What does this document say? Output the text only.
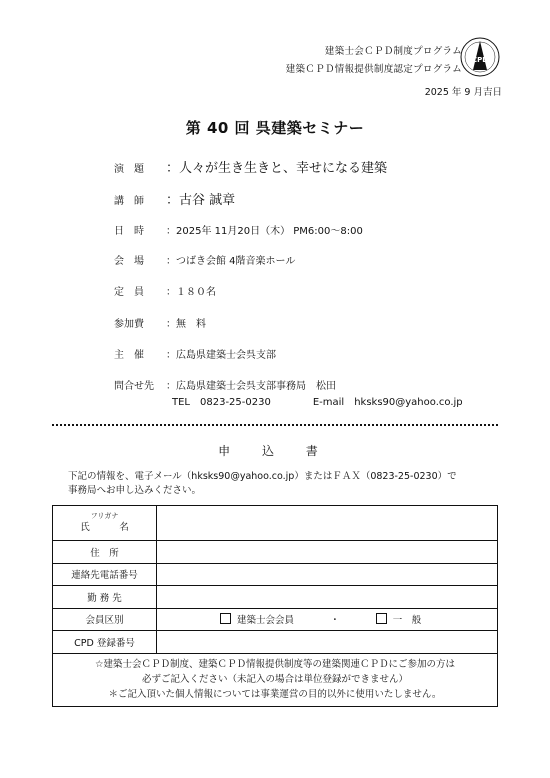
建築士会ＣＰＤ制度プログラム
建築ＣＰＤ情報提供制度認定プログラム
CPD
2025 年 9 月吉日
第 40 回 呉建築セミナー
演　題 ：人々が生き生きと、幸せになる建築
講　師 ：古谷 誠章
日　時 ：2025年 11月20日（木） PM6:00～8:00
会　場 ：つばき会館 4階音楽ホール
定　員 ：１８０名
参加費 ：無　料
主　催 ：広島県建築士会呉支部
問合せ先 ：広島県建築士会呉支部事務局　松田
TEL　0823-25-0230	E-mail　hksks90@yahoo.co.jp
申 込 書
下記の情報を、電子メール（hksks90@yahoo.co.jp）またはＦＡＸ（0823-25-0230）で
事務局へお申し込みください。
フリガナ
氏　名	

住　所	
連絡先電話番号	
勤 務 先	
会員区別	建築士会会員 ・ 一　般
CPD 登録番号	

☆建築士会ＣＰＤ制度、建築ＣＰＤ情報提供制度等の建築関連ＣＰＤにご参加の方は
必ずご記入ください（未記入の場合は単位登録ができません）
＊ご記入頂いた個人情報については事業運営の目的以外に使用いたしません。	
